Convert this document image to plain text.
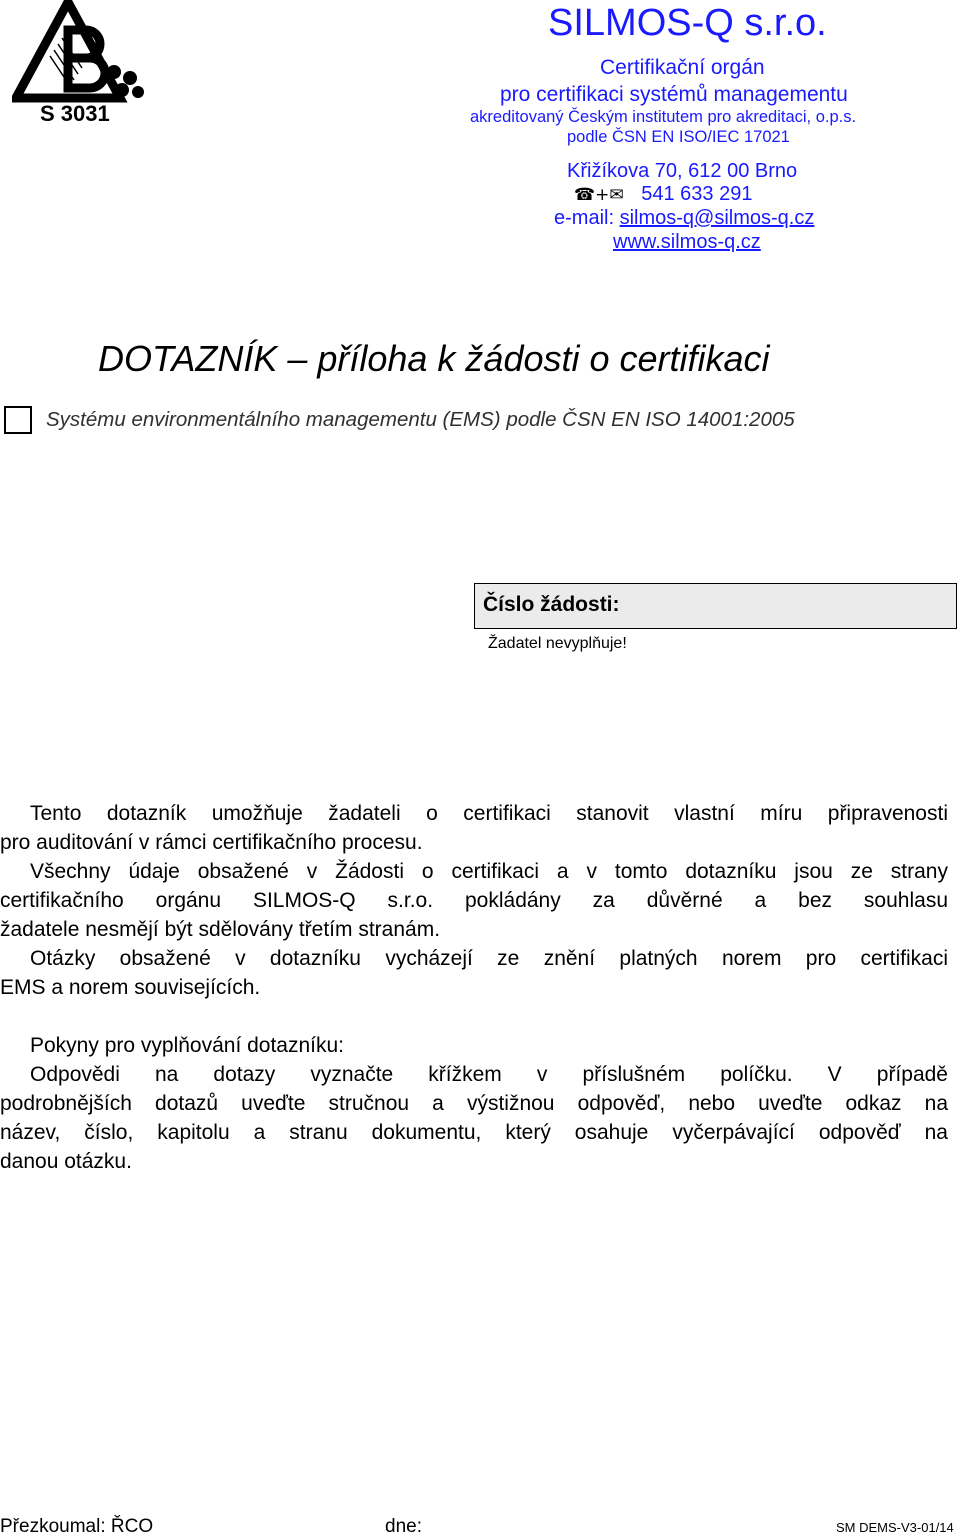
S 3031
SILMOS-Q s.r.o.
Certifikační orgán
pro certifikaci systémů managementu
akreditovaný Českým institutem pro akreditaci, o.p.s.
podle ČSN EN ISO/IEC 17021
Křižíkova 70, 612 00 Brno
☎+✉ 541 633 291
e-mail: silmos-q@silmos-q.cz
www.silmos-q.cz
DOTAZNÍK – příloha k žádosti o certifikaci
Systému environmentálního managementu (EMS) podle ČSN EN ISO 14001:2005
Číslo žádosti:
Žadatel nevyplňuje!
Tento dotazník umožňuje žadateli o certifikaci stanovit vlastní míru připravenosti
pro auditování v rámci certifikačního procesu.
Všechny údaje obsažené v Žádosti o certifikaci a v tomto dotazníku jsou ze strany
certifikačního orgánu SILMOS-Q s.r.o. pokládány za důvěrné a bez souhlasu
žadatele nesmějí být sdělovány třetím stranám.
Otázky obsažené v dotazníku vycházejí ze znění platných norem pro certifikaci
EMS a norem souvisejících.
Pokyny pro vyplňování dotazníku:
Odpovědi na dotazy vyznačte křížkem v příslušném políčku. V případě
podrobnějších dotazů uveďte stručnou a výstižnou odpověď, nebo uveďte odkaz na
název, číslo, kapitolu a stranu dokumentu, který osahuje vyčerpávající odpověď na
danou otázku.
Přezkoumal: ŘCO	dne:	SM DEMS-V3-01/14
